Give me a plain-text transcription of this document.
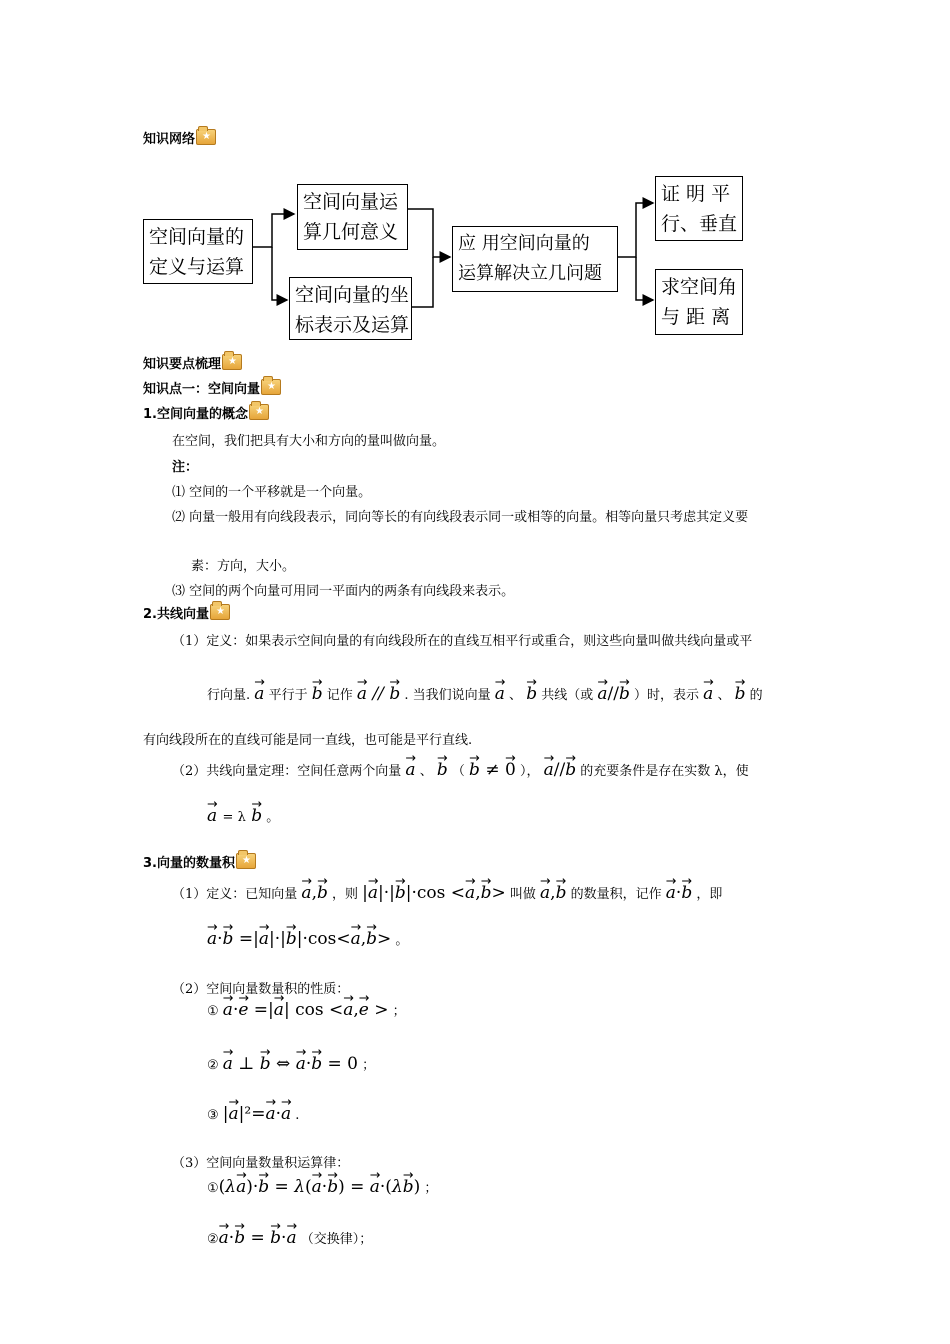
知识网络★
空间向量的
定义与运算
空间向量运
算几何意义
空间向量的坐
标表示及运算
应 用空间向量的
运算解决立几问题
证 明 平
行、垂直
求空间角
与 距 离
知识要点梳理★
知识点一：空间向量★
1.空间向量的概念★
在空间，我们把具有大小和方向的量叫做向量。
注：
⑴ 空间的一个平移就是一个向量。
⑵ 向量一般用有向线段表示，同向等长的有向线段表示同一或相等的向量。相等向量只考虑其定义要
素：方向，大小。
⑶ 空间的两个向量可用同一平面内的两条有向线段来表示。
2.共线向量★
（1）定义：如果表示空间向量的有向线段所在的直线互相平行或重合，则这些向量叫做共线向量或平
行向量. → a 平行于 → b 记作 → a // → b . 当我们说向量 → a 、 → b 共线（或 → a//→ b ）时，表示 → a 、 → b 的
有向线段所在的直线可能是同一直线，也可能是平行直线.
（2）共线向量定理：空间任意两个向量 → a 、 → b （ → b ≠ → 0 ）， → a//→ b 的充要条件是存在实数 λ，使
→ a = λ → b 。
3.向量的数量积★
（1）定义：已知向量 → a,→ b ，则 |→ a|·|→ b|·cos <→ a,→ b> 叫做 → a,→ b 的数量积，记作 → a·→ b ，即
→ a·→ b =|→ a|·|→ b|·cos<→ a,→ b> 。
（2）空间向量数量积的性质：
① → a·→ e =|→ a| cos <→ a,→ e > ；
② → a ⊥ → b ⇔ → a·→ b = 0 ；
③ |→ a|²=→ a·→ a .
（3）空间向量数量积运算律：
①(λ→ a)·→ b = λ(→ a·→ b) = → a·(λ→ b) ；
②→ a·→ b = → b·→ a （交换律）；
